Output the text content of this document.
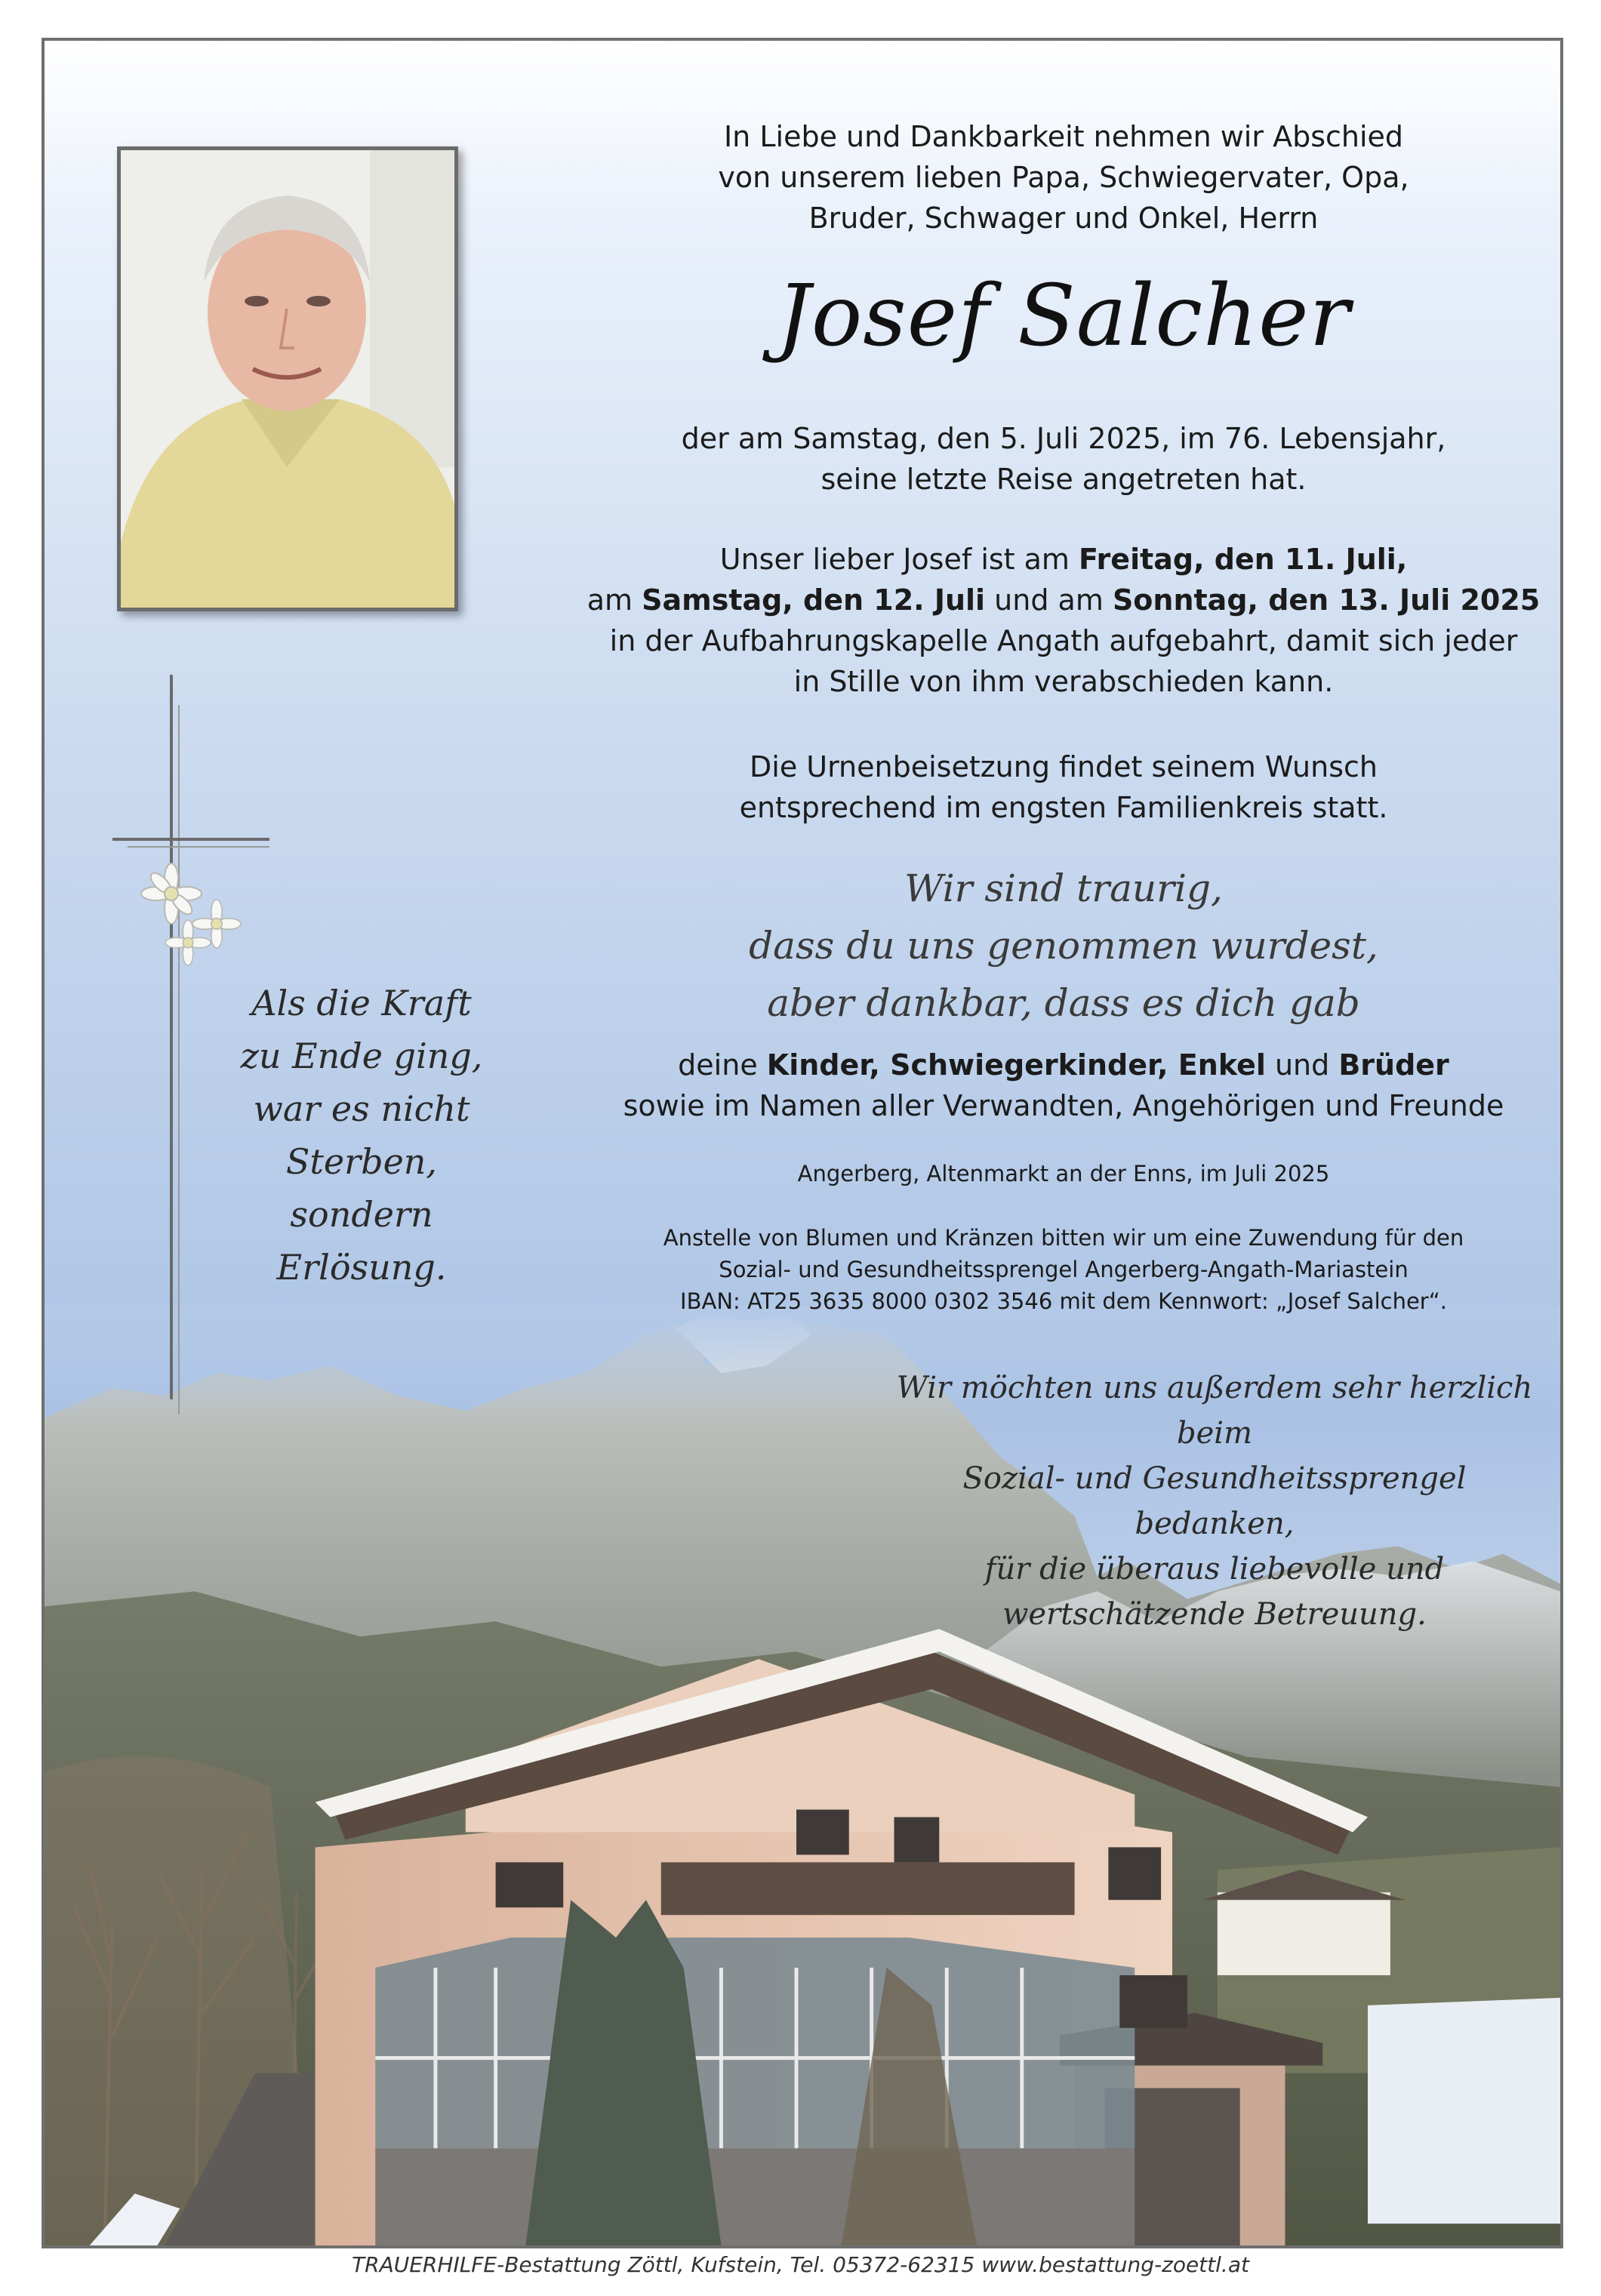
In Liebe und Dankbarkeit nehmen wir Abschied
von unserem lieben Papa, Schwiegervater, Opa,
Bruder, Schwager und Onkel, Herrn
Josef Salcher
der am Samstag, den 5. Juli 2025, im 76. Lebensjahr,
seine letzte Reise angetreten hat.
Unser lieber Josef ist am Freitag, den 11. Juli,
am Samstag, den 12. Juli und am Sonntag, den 13. Juli 2025
in der Aufbahrungskapelle Angath aufgebahrt, damit sich jeder
in Stille von ihm verabschieden kann.
Die Urnenbeisetzung findet seinem Wunsch
entsprechend im engsten Familienkreis statt.
Wir sind traurig,
dass du uns genommen wurdest,
aber dankbar, dass es dich gab
deine Kinder, Schwiegerkinder, Enkel und Brüder
sowie im Namen aller Verwandten, Angehörigen und Freunde
Angerberg, Altenmarkt an der Enns, im Juli 2025
Anstelle von Blumen und Kränzen bitten wir um eine Zuwendung für den
Sozial- und Gesundheitssprengel Angerberg-Angath-Mariastein
IBAN: AT25 3635 8000 0302 3546 mit dem Kennwort: „Josef Salcher“.
Als die Kraft
zu Ende ging,
war es nicht
Sterben,
sondern
Erlösung.
Wir möchten uns außerdem sehr herzlich beim
Sozial- und Gesundheitssprengel bedanken,
für die überaus liebevolle und
wertschätzende Betreuung.
TRAUERHILFE-Bestattung Zöttl, Kufstein, Tel. 05372-62315 www.bestattung-zoettl.at
